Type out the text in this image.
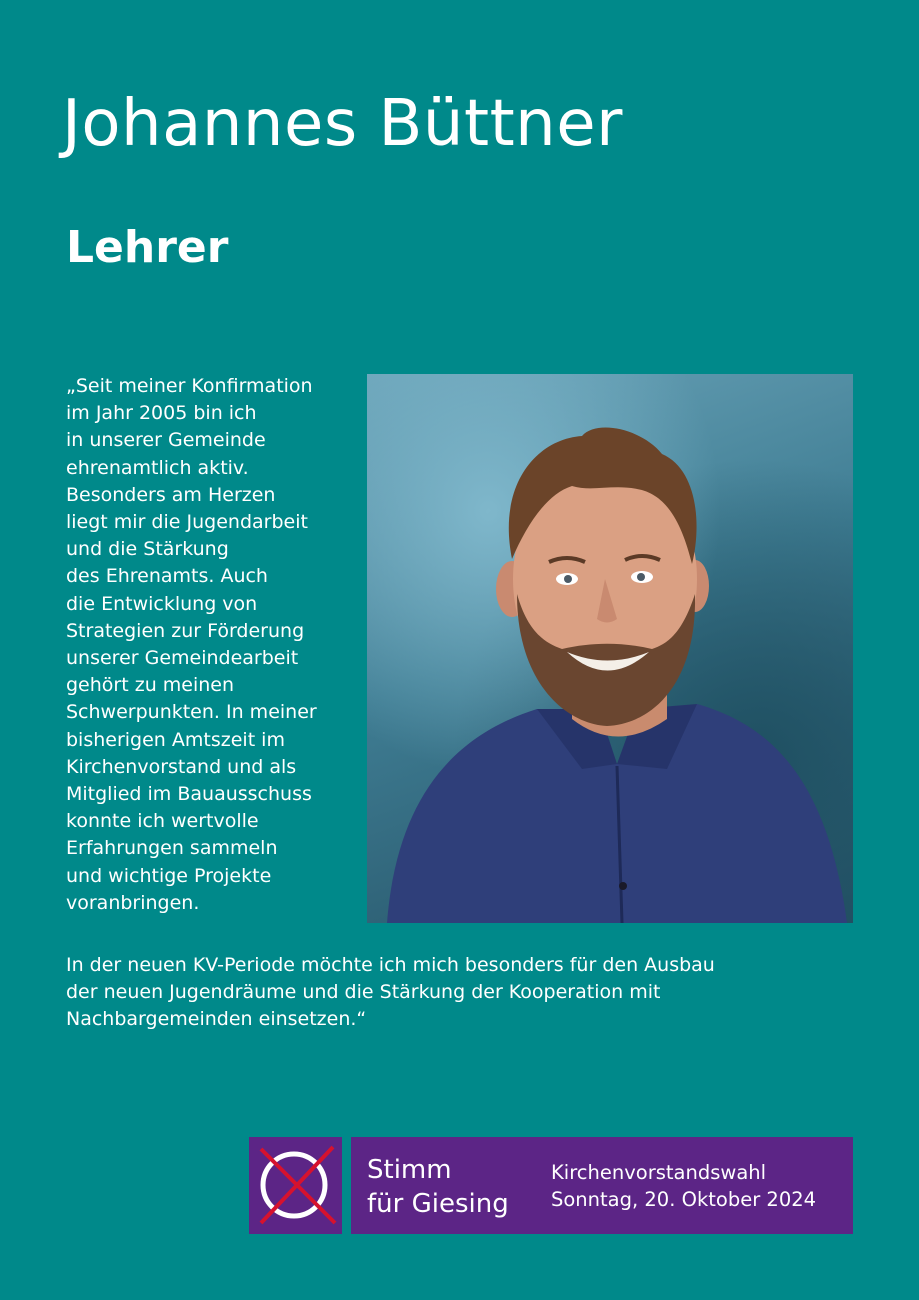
Johannes Büttner
Lehrer

„Seit meiner Konfirmation
im Jahr 2005 bin ich
in unserer Gemeinde
ehrenamtlich aktiv.
Besonders am Herzen
liegt mir die Jugendarbeit
und die Stärkung
des Ehrenamts. Auch
die Entwicklung von
Strategien zur Förderung
unserer Gemeindearbeit
gehört zu meinen
Schwerpunkten. In meiner
bisherigen Amtszeit im
Kirchenvorstand und als
Mitglied im Bauausschuss
konnte ich wertvolle
Erfahrungen sammeln
und wichtige Projekte
voranbringen.

In der neuen KV-Periode möchte ich mich besonders für den Ausbau
der neuen Jugendräume und die Stärkung der Kooperation mit
Nachbargemeinden einsetzen.“

Stimm
für Giesing

Kirchenvorstandswahl
Sonntag, 20. Oktober 2024
